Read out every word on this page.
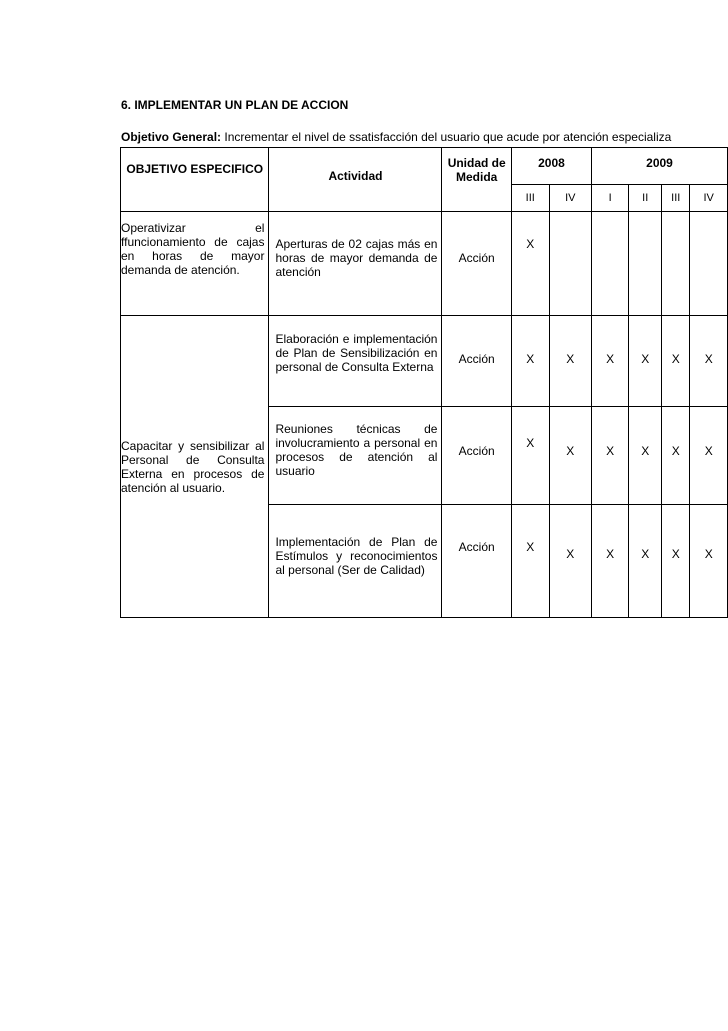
6. IMPLEMENTAR UN PLAN DE ACCION
Objetivo General: Incrementar el nivel de ssatisfacción del usuario que acude por atención especializa
OBJETIVO ESPECIFICO	Actividad	Unidad de Medida	2008		2009			
			III	IV	I	II	III	IV
Operativizar el ffuncionamiento de cajas en horas de mayor demanda de atención.	Aperturas de 02 cajas más en horas de mayor demanda de atención	Acción	X					
Capacitar y sensibilizar al Personal de Consulta Externa en procesos de atención al usuario.	Elaboración e implementación de Plan de Sensibilización en personal de Consulta Externa	Acción	X	X	X	X	X	X
	Reuniones técnicas de involucramiento a personal en procesos de atención al usuario	Acción	X	X	X	X	X	X
	Implementación de Plan de Estímulos y reconocimientos al personal (Ser de Calidad)	Acción	X	X	X	X	X	X
